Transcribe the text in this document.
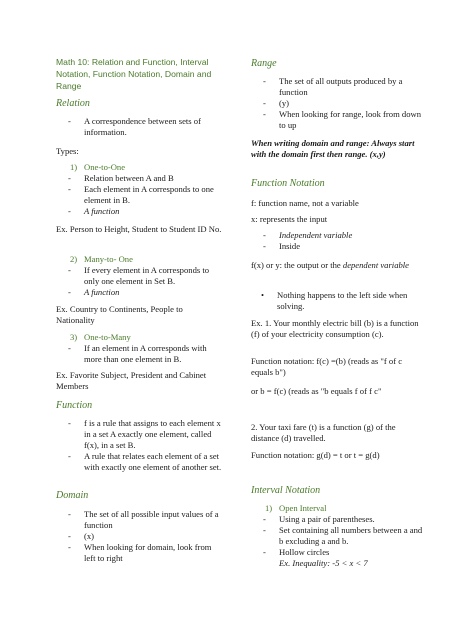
Math 10: Relation and Function, Interval Notation, Function Notation, Domain and Range
Relation
- A correspondence between sets of information.
Types:
1) One-to-One
- Relation between A and B
- Each element in A corresponds to one element in B.
- A function
Ex. Person to Height, Student to Student ID No.
2) Many-to- One
- If every element in A corresponds to only one element in Set B.
- A function
Ex. Country to Continents, People to Nationality
3) One-to-Many
- If an element in A corresponds with more than one element in B.
Ex. Favorite Subject, President and Cabinet Members
Function
- f is a rule that assigns to each element x in a set A exactly one element, called f(x), in a set B.
- A rule that relates each element of a set with exactly one element of another set.
Domain
- The set of all possible input values of a function
- (x)
- When looking for domain, look from left to right
Range
- The set of all outputs produced by a function
- (y)
- When looking for range, look from down to up
When writing domain and range: Always start with the domain first then range. (x,y)
Function Notation
f: function name, not a variable
x: represents the input
- Independent variable
- Inside
f(x) or y: the output or the dependent variable
• Nothing happens to the left side when solving.
Ex. 1. Your monthly electric bill (b) is a function (f) of your electricity consumption (c).
Function notation: f(c) =(b) (reads as "f of c equals b")
or b = f(c) (reads as "b equals f of f c"
2. Your taxi fare (t) is a function (g) of the distance (d) travelled.
Function notation: g(d) = t or t = g(d)
Interval Notation
1) Open Interval
- Using a pair of parentheses.
- Set containing all numbers between a and b excluding a and b.
- Hollow circles
Ex. Inequality: -5 < x < 7
